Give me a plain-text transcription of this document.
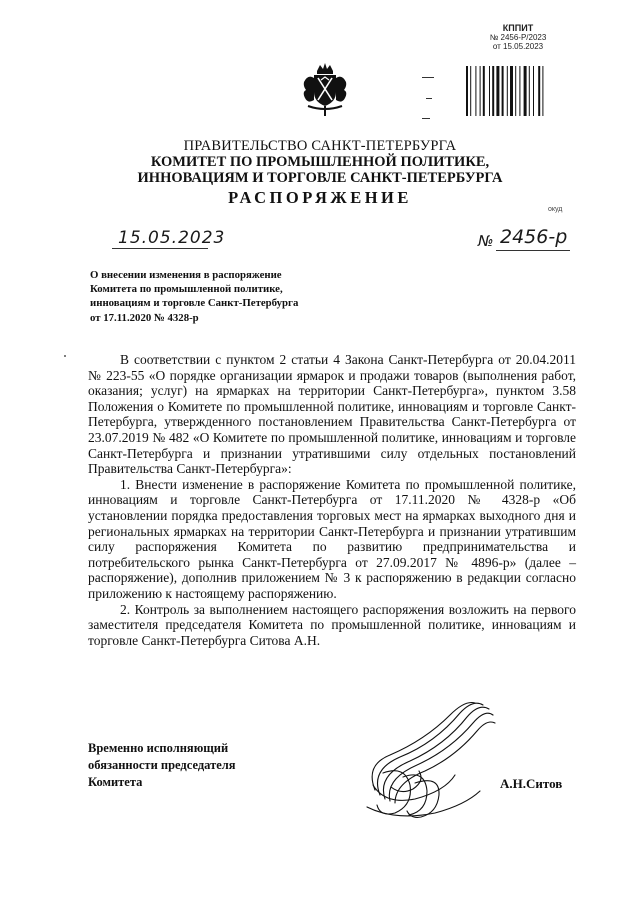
КППИТ
№ 2456-Р/2023
от 15.05.2023
ПРАВИТЕЛЬСТВО САНКТ-ПЕТЕРБУРГА
КОМИТЕТ ПО ПРОМЫШЛЕННОЙ ПОЛИТИКЕ,
ИННОВАЦИЯМ И ТОРГОВЛЕ САНКТ-ПЕТЕРБУРГА
РАСПОРЯЖЕНИЕ
окуд
15.05.2023	№ 2456-р
О внесении изменения в распоряжение
Комитета по промышленной политике,
инновациям и торговле Санкт-Петербурга
от 17.11.2020 № 4328-р

В соответствии с пунктом 2 статьи 4 Закона Санкт-Петербурга от 20.04.2011 № 223-55 «О порядке организации ярмарок и продажи товаров (выполнения работ, оказания; услуг) на ярмарках на территории Санкт-Петербурга», пунктом 3.58 Положения о Комитете по промышленной политике, инновациям и торговле Санкт-Петербурга, утвержденного постановлением Правительства Санкт-Петербурга от 23.07.2019 № 482 «О Комитете по промышленной политике, инновациям и торговле Санкт-Петербурга и признании утратившими силу отдельных постановлений Правительства Санкт-Петербурга»:

1. Внести изменение в распоряжение Комитета по промышленной политике, инновациям и торговле Санкт-Петербурга от 17.11.2020 № 4328-р «Об установлении порядка предоставления торговых мест на ярмарках выходного дня и региональных ярмарках на территории Санкт-Петербурга и признании утратившим силу распоряжения Комитета по развитию предпринимательства и потребительского рынка Санкт-Петербурга от 27.09.2017 № 4896-р» (далее – распоряжение), дополнив приложением № 3 к распоряжению в редакции согласно приложению к настоящему распоряжению.

2. Контроль за выполнением настоящего распоряжения возложить на первого заместителя председателя Комитета по промышленной политике, инновациям и торговле Санкт-Петербурга Ситова А.Н.

Временно исполняющий
обязанности председателя
Комитета	А.Н.Ситов
